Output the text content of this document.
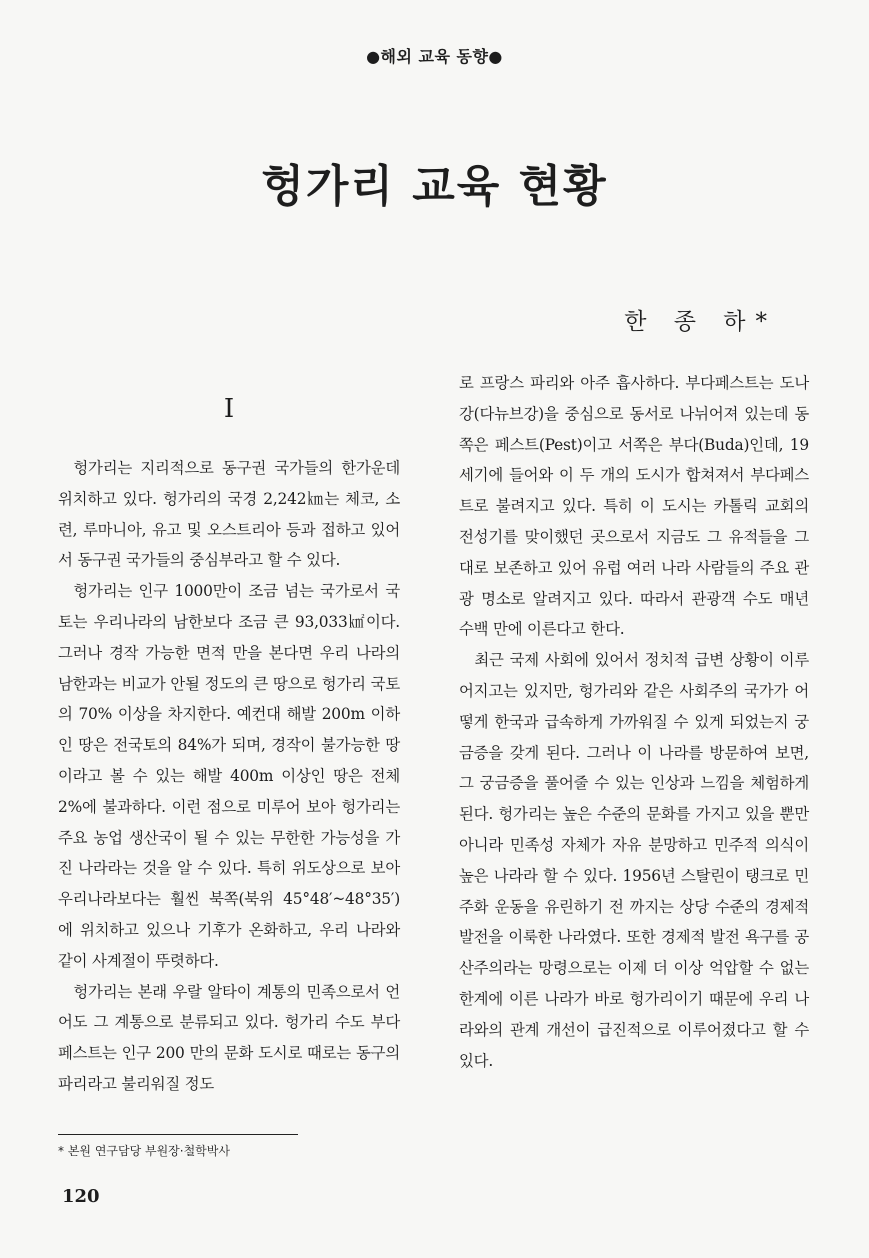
●해외 교육 동향●
헝가리 교육 현황
한 종 하*
I

헝가리는 지리적으로 동구권 국가들의 한가운데 위치하고 있다. 헝가리의 국경 2,242㎞는 체코, 소련, 루마니아, 유고 및 오스트리아 등과 접하고 있어서 동구권 국가들의 중심부라고 할 수 있다.

헝가리는 인구 1000만이 조금 넘는 국가로서 국토는 우리나라의 남한보다 조금 큰 93,033㎢이다. 그러나 경작 가능한 면적 만을 본다면 우리 나라의 남한과는 비교가 안될 정도의 큰 땅으로 헝가리 국토의 70% 이상을 차지한다. 예컨대 해발 200m 이하인 땅은 전국토의 84%가 되며, 경작이 불가능한 땅이라고 볼 수 있는 해발 400m 이상인 땅은 전체 2%에 불과하다. 이런 점으로 미루어 보아 헝가리는 주요 농업 생산국이 될 수 있는 무한한 가능성을 가진 나라라는 것을 알 수 있다. 특히 위도상으로 보아 우리나라보다는 훨씬 북쪽(북위 45°48′~48°35′)에 위치하고 있으나 기후가 온화하고, 우리 나라와 같이 사계절이 뚜렷하다.

헝가리는 본래 우랄 알타이 계통의 민족으로서 언어도 그 계통으로 분류되고 있다. 헝가리 수도 부다페스트는 인구 200 만의 문화 도시로 때로는 동구의 파리라고 불리워질 정도

로 프랑스 파리와 아주 흡사하다. 부다페스트는 도나강(다뉴브강)을 중심으로 동서로 나뉘어져 있는데 동쪽은 페스트(Pest)이고 서쪽은 부다(Buda)인데, 19 세기에 들어와 이 두 개의 도시가 합쳐져서 부다페스트로 불려지고 있다. 특히 이 도시는 카톨릭 교회의 전성기를 맞이했던 곳으로서 지금도 그 유적들을 그대로 보존하고 있어 유럽 여러 나라 사람들의 주요 관광 명소로 알려지고 있다. 따라서 관광객 수도 매년 수백 만에 이른다고 한다.

최근 국제 사회에 있어서 정치적 급변 상황이 이루어지고는 있지만, 헝가리와 같은 사회주의 국가가 어떻게 한국과 급속하게 가까워질 수 있게 되었는지 궁금증을 갖게 된다. 그러나 이 나라를 방문하여 보면, 그 궁금증을 풀어줄 수 있는 인상과 느낌을 체험하게 된다. 헝가리는 높은 수준의 문화를 가지고 있을 뿐만 아니라 민족성 자체가 자유 분망하고 민주적 의식이 높은 나라라 할 수 있다. 1956년 스탈린이 탱크로 민주화 운동을 유린하기 전 까지는 상당 수준의 경제적 발전을 이룩한 나라였다. 또한 경제적 발전 욕구를 공산주의라는 망령으로는 이제 더 이상 억압할 수 없는 한계에 이른 나라가 바로 헝가리이기 때문에 우리 나라와의 관계 개선이 급진적으로 이루어졌다고 할 수 있다.

* 본원 연구담당 부원장·철학박사
120
